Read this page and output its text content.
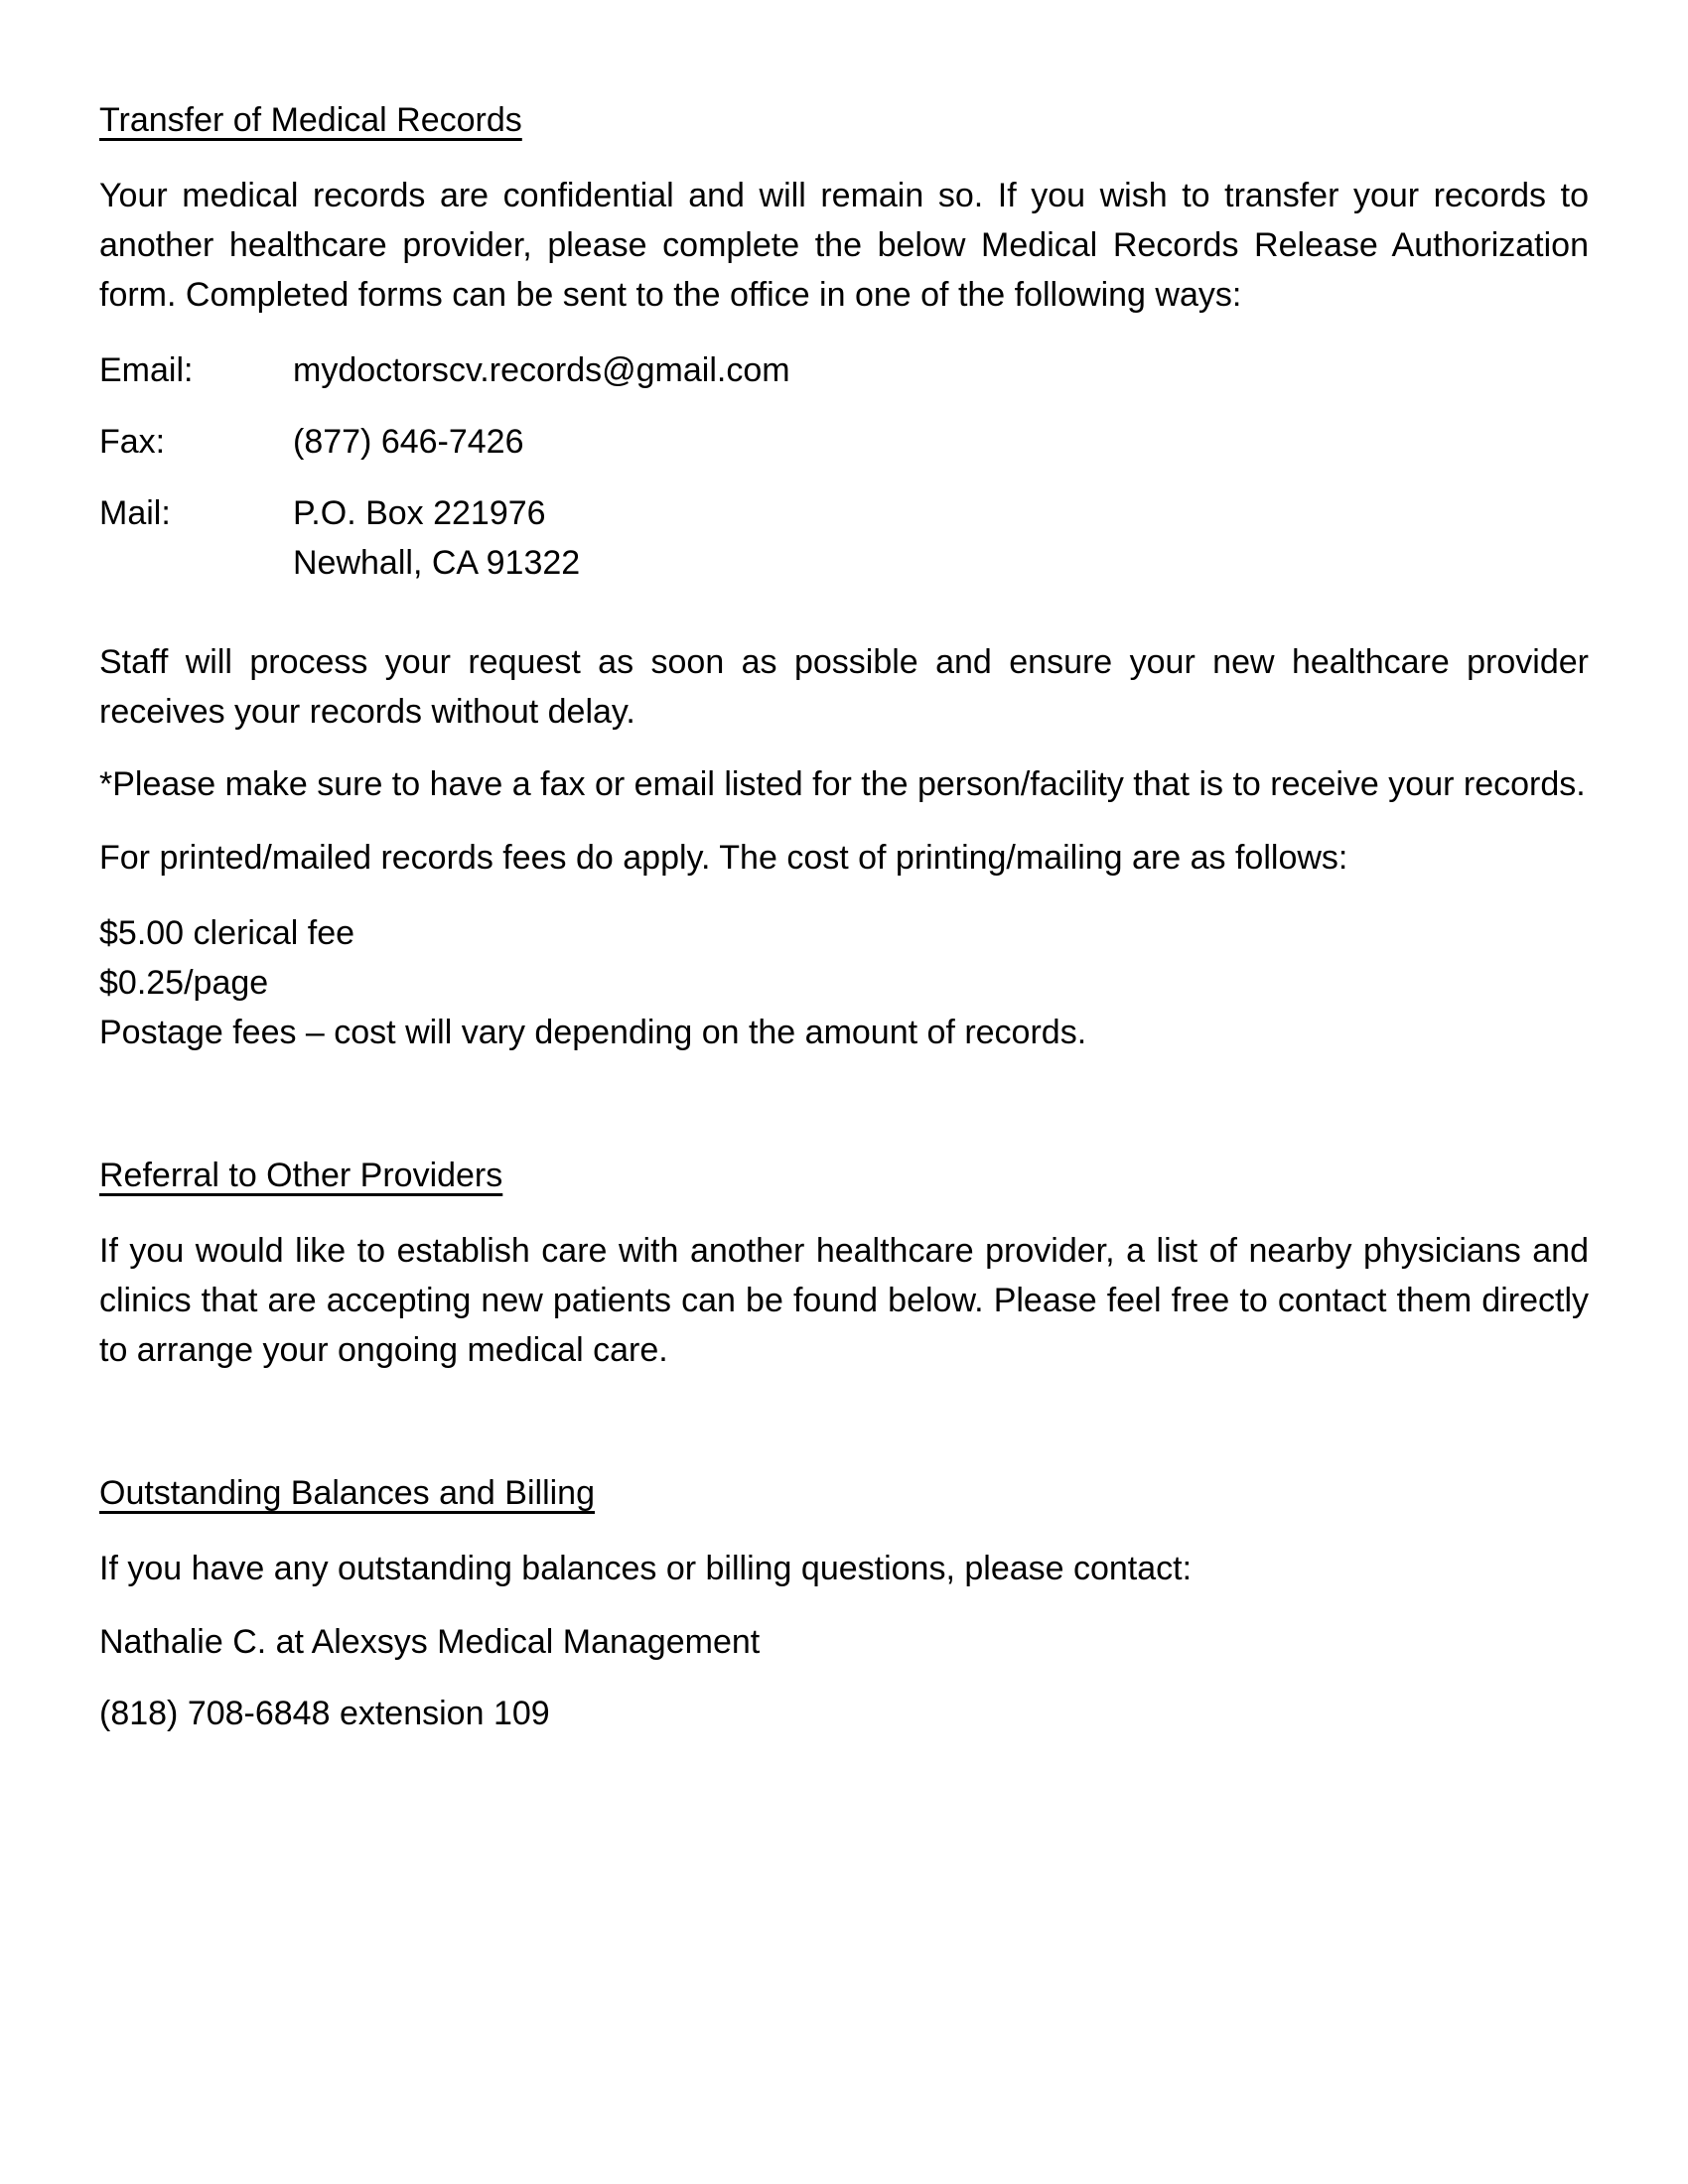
Transfer of Medical Records

Your medical records are confidential and will remain so. If you wish to transfer your records to another healthcare provider, please complete the below Medical Records Release Authorization form. Completed forms can be sent to the office in one of the following ways:

Email:	mydoctorscv.records@gmail.com
Fax:	(877) 646-7426
Mail:	P.O. Box 221976
Newhall, CA 91322

Staff will process your request as soon as possible and ensure your new healthcare provider receives your records without delay.

*Please make sure to have a fax or email listed for the person/facility that is to receive your records.

For printed/mailed records fees do apply. The cost of printing/mailing are as follows:

$5.00 clerical fee
$0.25/page
Postage fees – cost will vary depending on the amount of records.

Referral to Other Providers

If you would like to establish care with another healthcare provider, a list of nearby physicians and clinics that are accepting new patients can be found below. Please feel free to contact them directly to arrange your ongoing medical care.

Outstanding Balances and Billing

If you have any outstanding balances or billing questions, please contact:

Nathalie C. at Alexsys Medical Management

(818) 708-6848 extension 109
